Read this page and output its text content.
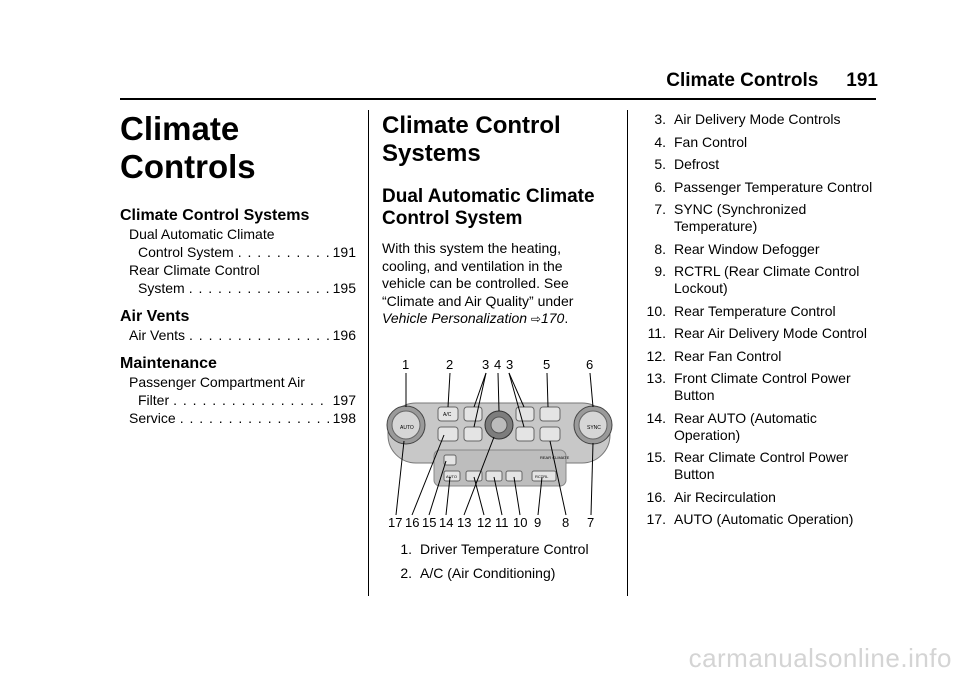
Climate Controls 191
Climate Controls
Climate Control Systems
Dual Automatic Climate
Control System . . .	191
Rear Climate Control
System . . .	195
Air Vents
Air Vents . . .	196
Maintenance
Passenger Compartment Air
Filter . . .	197
Service . . .	198
Climate Control
Systems
Dual Automatic Climate
Control System
With this system the heating, cooling, and ventilation in the vehicle can be controlled. See “Climate and Air Quality” under Vehicle Personalization ⇨170.
AUTO	SYNC
A/C
AUTO	RCTRL
REAR CLIMATE
1	2 3 4 3 5	6
17 16 15 14 13 12 11 10 9 8 7
1. Driver Temperature Control
2. A/C (Air Conditioning)
3. Air Delivery Mode Controls
4. Fan Control
5. Defrost
6. Passenger Temperature Control
7. SYNC (Synchronized Temperature)
8. Rear Window Defogger
9. RCTRL (Rear Climate Control Lockout)
10. Rear Temperature Control
11. Rear Air Delivery Mode Control
12. Rear Fan Control
13. Front Climate Control Power Button
14. Rear AUTO (Automatic Operation)
15. Rear Climate Control Power Button
16. Air Recirculation
17. AUTO (Automatic Operation)
carmanualsonline.info
